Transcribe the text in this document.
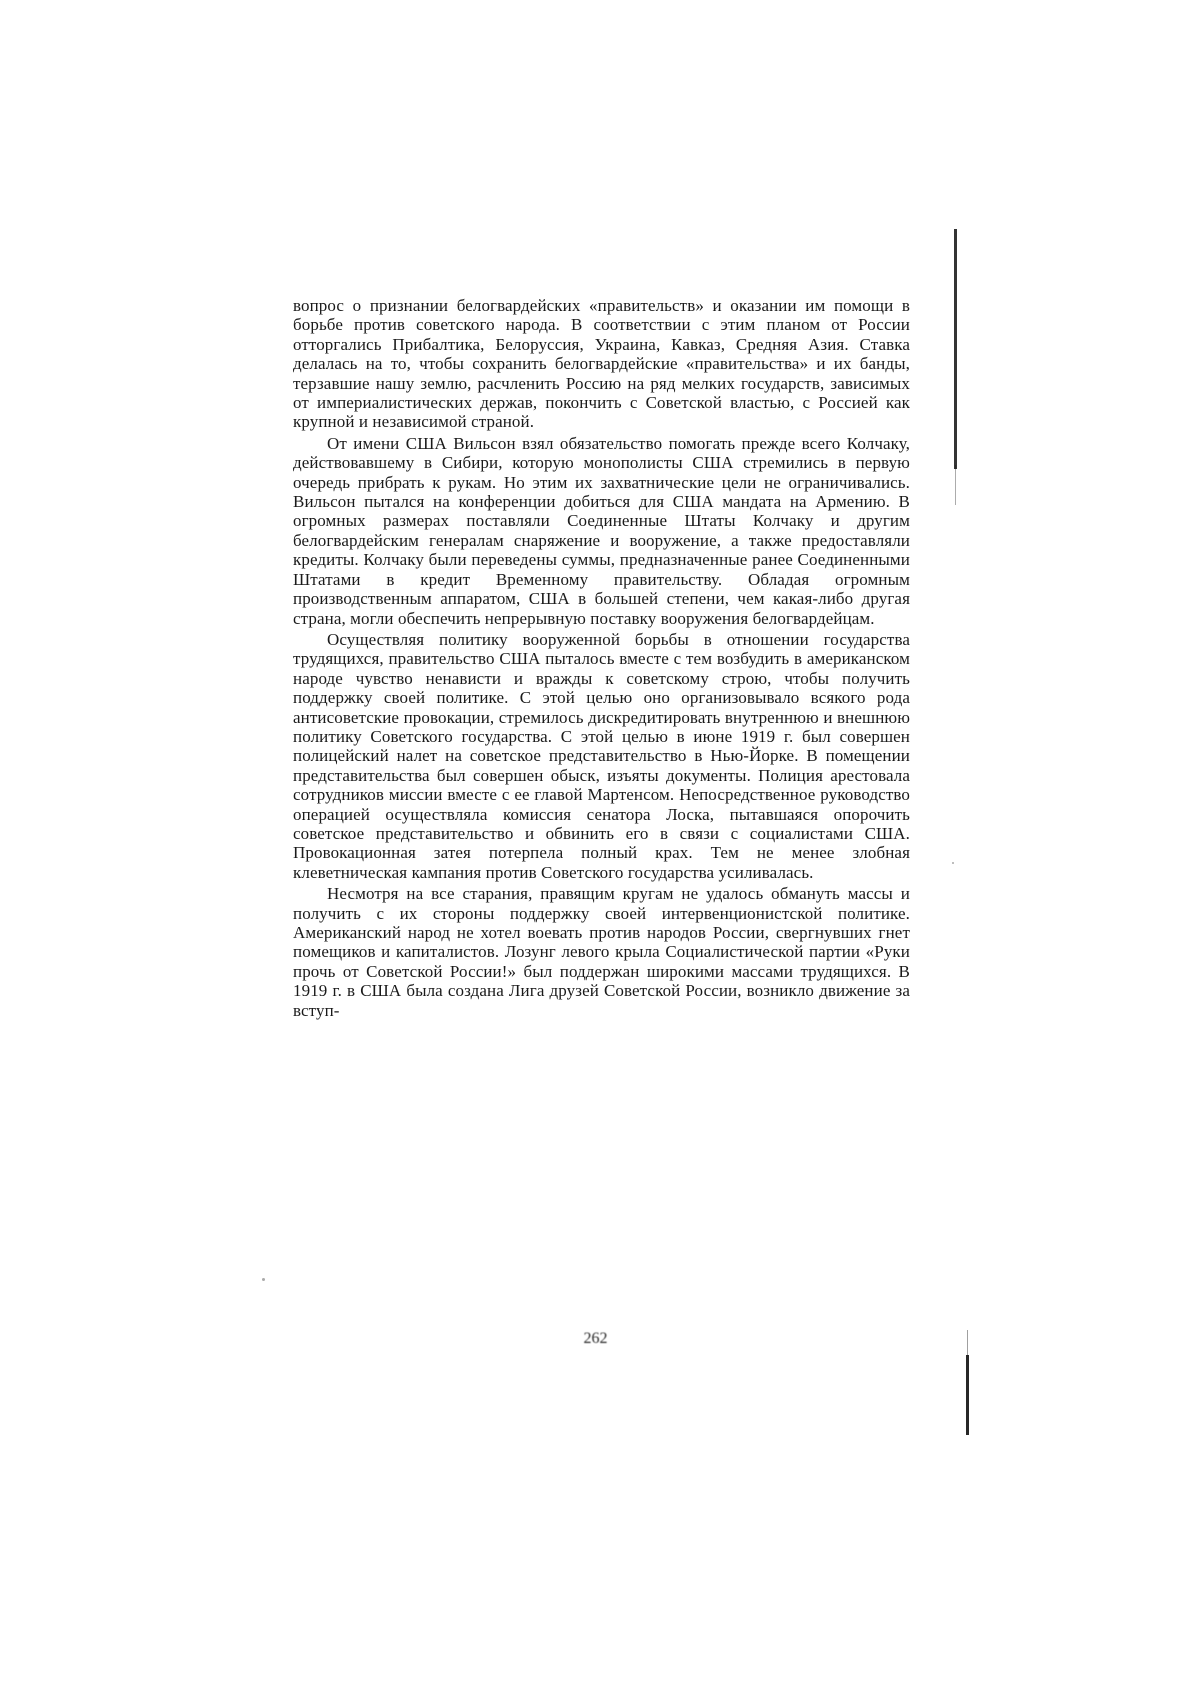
вопрос о признании белогвардейских «правительств» и оказании им помощи в борьбе против советского народа. В соответствии с этим планом от России отторгались Прибалтика, Белоруссия, Украина, Кавказ, Средняя Азия. Ставка делалась на то, чтобы сохранить белогвардейские «правительства» и их банды, терзавшие нашу землю, расчленить Россию на ряд мелких государств, зависимых от империалистических держав, покончить с Советской властью, с Россией как крупной и независимой страной.

От имени США Вильсон взял обязательство помогать прежде всего Колчаку, действовавшему в Сибири, которую монополисты США стремились в первую очередь прибрать к рукам. Но этим их захватнические цели не ограничивались. Вильсон пытался на конференции добиться для США мандата на Армению. В огромных размерах поставляли Соединенные Штаты Колчаку и другим белогвардейским генералам снаряжение и вооружение, а также предоставляли кредиты. Колчаку были переведены суммы, предназначенные ранее Соединенными Штатами в кредит Временному правительству. Обладая огромным производственным аппаратом, США в большей степени, чем какая-либо другая страна, могли обеспечить непрерывную поставку вооружения белогвардейцам.

Осуществляя политику вооруженной борьбы в отношении государства трудящихся, правительство США пыталось вместе с тем возбудить в американском народе чувство ненависти и вражды к советскому строю, чтобы получить поддержку своей политике. С этой целью оно организовывало всякого рода антисоветские провокации, стремилось дискредитировать внутреннюю и внешнюю политику Советского государства. С этой целью в июне 1919 г. был совершен полицейский налет на советское представительство в Нью-Йорке. В помещении представительства был совершен обыск, изъяты документы. Полиция арестовала сотрудников миссии вместе с ее главой Мартенсом. Непосредственное руководство операцией осуществляла комиссия сенатора Лоска, пытавшаяся опорочить советское представительство и обвинить его в связи с социалистами США. Провокационная затея потерпела полный крах. Тем не менее злобная клеветническая кампания против Советского государства усиливалась.

Несмотря на все старания, правящим кругам не удалось обмануть массы и получить с их стороны поддержку своей интервенционистской политике. Американский народ не хотел воевать против народов России, свергнувших гнет помещиков и капиталистов. Лозунг левого крыла Социалистической партии «Руки прочь от Советской России!» был поддержан широкими массами трудящихся. В 1919 г. в США была создана Лига друзей Советской России, возникло движение за вступ-

262
